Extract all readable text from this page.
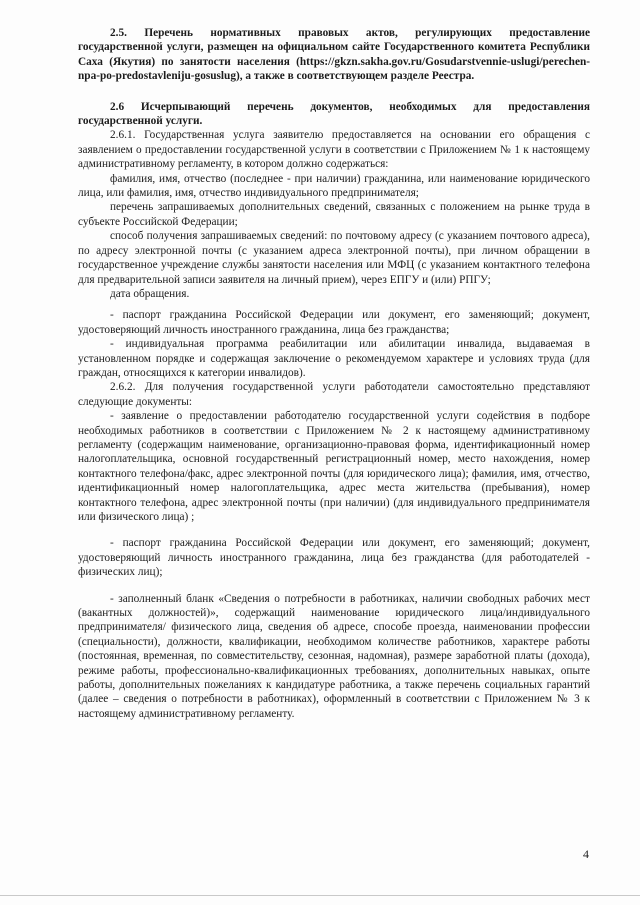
2.5. Перечень нормативных правовых актов, регулирующих предоставление государственной услуги, размещен на официальном сайте Государственного комитета Республики Саха (Якутия) по занятости населения (https://gkzn.sakha.gov.ru/Gosudarstvennie-uslugi/perechen-npa-po-predostavleniju-gosuslug), а также в соответствующем разделе Реестра.

2.6 Исчерпывающий перечень документов, необходимых для предоставления государственной услуги.

2.6.1. Государственная услуга заявителю предоставляется на основании его обращения с заявлением о предоставлении государственной услуги в соответствии с Приложением № 1 к настоящему административному регламенту, в котором должно содержаться:

фамилия, имя, отчество (последнее - при наличии) гражданина, или наименование юридического лица, или фамилия, имя, отчество индивидуального предпринимателя;

перечень запрашиваемых дополнительных сведений, связанных с положением на рынке труда в субъекте Российской Федерации;

способ получения запрашиваемых сведений: по почтовому адресу (с указанием почтового адреса), по адресу электронной почты (с указанием адреса электронной почты), при личном обращении в государственное учреждение службы занятости населения или МФЦ (с указанием контактного телефона для предварительной записи заявителя на личный прием), через ЕПГУ и (или) РПГУ;

дата обращения.

- паспорт гражданина Российской Федерации или документ, его заменяющий; документ, удостоверяющий личность иностранного гражданина, лица без гражданства;

- индивидуальная программа реабилитации или абилитации инвалида, выдаваемая в установленном порядке и содержащая заключение о рекомендуемом характере и условиях труда (для граждан, относящихся к категории инвалидов).

2.6.2. Для получения государственной услуги работодатели самостоятельно представляют следующие документы:

- заявление о предоставлении работодателю государственной услуги содействия в подборе необходимых работников в соответствии с Приложением № 2 к настоящему административному регламенту (содержащим наименование, организационно-правовая форма, идентификационный номер налогоплательщика, основной государственный регистрационный номер, место нахождения, номер контактного телефона/факс, адрес электронной почты (для юридического лица); фамилия, имя, отчество, идентификационный номер налогоплательщика, адрес места жительства (пребывания), номер контактного телефона, адрес электронной почты (при наличии) (для индивидуального предпринимателя или физического лица) ;

- паспорт гражданина Российской Федерации или документ, его заменяющий; документ, удостоверяющий личность иностранного гражданина, лица без гражданства (для работодателей - физических лиц);

- заполненный бланк «Сведения о потребности в работниках, наличии свободных рабочих мест (вакантных должностей)», содержащий наименование юридического лица/индивидуального предпринимателя/ физического лица, сведения об адресе, способе проезда, наименовании профессии (специальности), должности, квалификации, необходимом количестве работников, характере работы (постоянная, временная, по совместительству, сезонная, надомная), размере заработной платы (дохода), режиме работы, профессионально-квалификационных требованиях, дополнительных навыках, опыте работы, дополнительных пожеланиях к кандидатуре работника, а также перечень социальных гарантий (далее – сведения о потребности в работниках), оформленный в соответствии с Приложением № 3 к настоящему административному регламенту.

4
